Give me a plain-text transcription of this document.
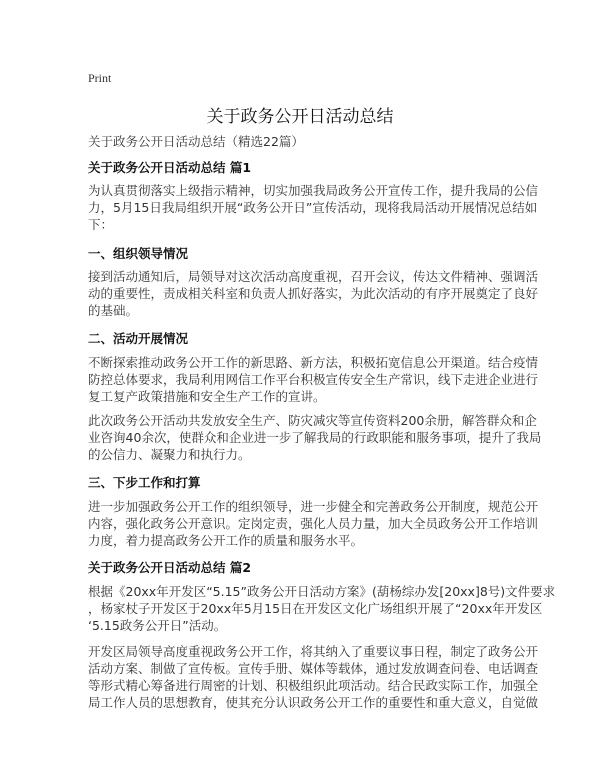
Print
关于政务公开日活动总结
关于政务公开日活动总结（精选22篇）
关于政务公开日活动总结 篇1
为认真贯彻落实上级指示精神，切实加强我局政务公开宣传工作，提升我局的公信
力，5月15日我局组织开展“政务公开日”宣传活动，现将我局活动开展情况总结如
下：
一、组织领导情况
接到活动通知后，局领导对这次活动高度重视，召开会议，传达文件精神、强调活
动的重要性，责成相关科室和负责人抓好落实，为此次活动的有序开展奠定了良好
的基础。
二、活动开展情况
不断探索推动政务公开工作的新思路、新方法，积极拓宽信息公开渠道。结合疫情
防控总体要求，我局利用网信工作平台积极宣传安全生产常识，线下走进企业进行
复工复产政策措施和安全生产工作的宣讲。
此次政务公开活动共发放安全生产、防灾减灾等宣传资料200余册，解答群众和企
业咨询40余次，使群众和企业进一步了解我局的行政职能和服务事项，提升了我局
的公信力、凝聚力和执行力。
三、下步工作和打算
进一步加强政务公开工作的组织领导，进一步健全和完善政务公开制度，规范公开
内容，强化政务公开意识。定岗定责，强化人员力量，加大全员政务公开工作培训
力度，着力提高政务公开工作的质量和服务水平。
关于政务公开日活动总结 篇2
根据《20xx年开发区“5.15”政务公开日活动方案》(葫杨综办发[20xx]8号)文件要求
，杨家杖子开发区于20xx年5月15日在开发区文化广场组织开展了“20xx年开发区
‘5.15政务公开日”活动。
开发区局领导高度重视政务公开工作，将其纳入了重要议事日程，制定了政务公开
活动方案、制做了宣传板。宣传手册、媒体等载体，通过发放调查问卷、电话调查
等形式精心筹备进行周密的计划、积极组织此项活动。结合民政实际工作，加强全
局工作人员的思想教育，使其充分认识政务公开工作的重要性和重大意义，自觉做
